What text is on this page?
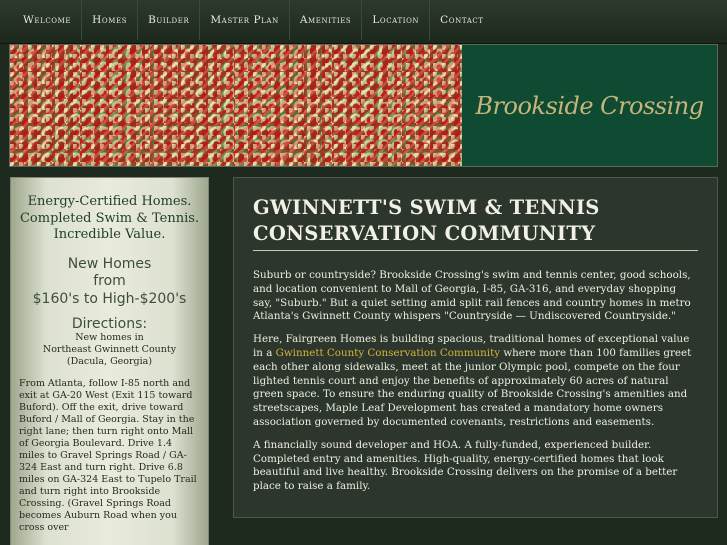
Welcome	Homes	Builder	Master Plan	Amenities	Location	Contact
Brookside Crossing
Energy-Certified Homes.
Completed Swim & Tennis.
Incredible Value.
New Homes
from
$160's to High-$200's
Directions:
New homes in
Northeast Gwinnett County
(Dacula, Georgia)
From Atlanta, follow I-85 north and exit at GA-20 West (Exit 115 toward Buford). Off the exit, drive toward Buford / Mall of Georgia. Stay in the right lane; then turn right onto Mall of Georgia Boulevard. Drive 1.4 miles to Gravel Springs Road / GA-324 East and turn right. Drive 6.8 miles on GA-324 East to Tupelo Trail and turn right into Brookside Crossing. (Gravel Springs Road becomes Auburn Road when you cross over
GWINNETT'S SWIM & TENNIS CONSERVATION COMMUNITY

Suburb or countryside? Brookside Crossing's swim and tennis center, good schools, and location convenient to Mall of Georgia, I-85, GA-316, and everyday shopping say, "Suburb." But a quiet setting amid split rail fences and country homes in metro Atlanta's Gwinnett County whispers "Countryside — Undiscovered Countryside."

Here, Fairgreen Homes is building spacious, traditional homes of exceptional value in a Gwinnett County Conservation Community where more than 100 families greet each other along sidewalks, meet at the junior Olympic pool, compete on the four lighted tennis court and enjoy the benefits of approximately 60 acres of natural green space. To ensure the enduring quality of Brookside Crossing's amenities and streetscapes, Maple Leaf Development has created a mandatory home owners association governed by documented covenants, restrictions and easements.

A financially sound developer and HOA. A fully-funded, experienced builder. Completed entry and amenities. High-quality, energy-certified homes that look beautiful and live healthy. Brookside Crossing delivers on the promise of a better place to raise a family.
